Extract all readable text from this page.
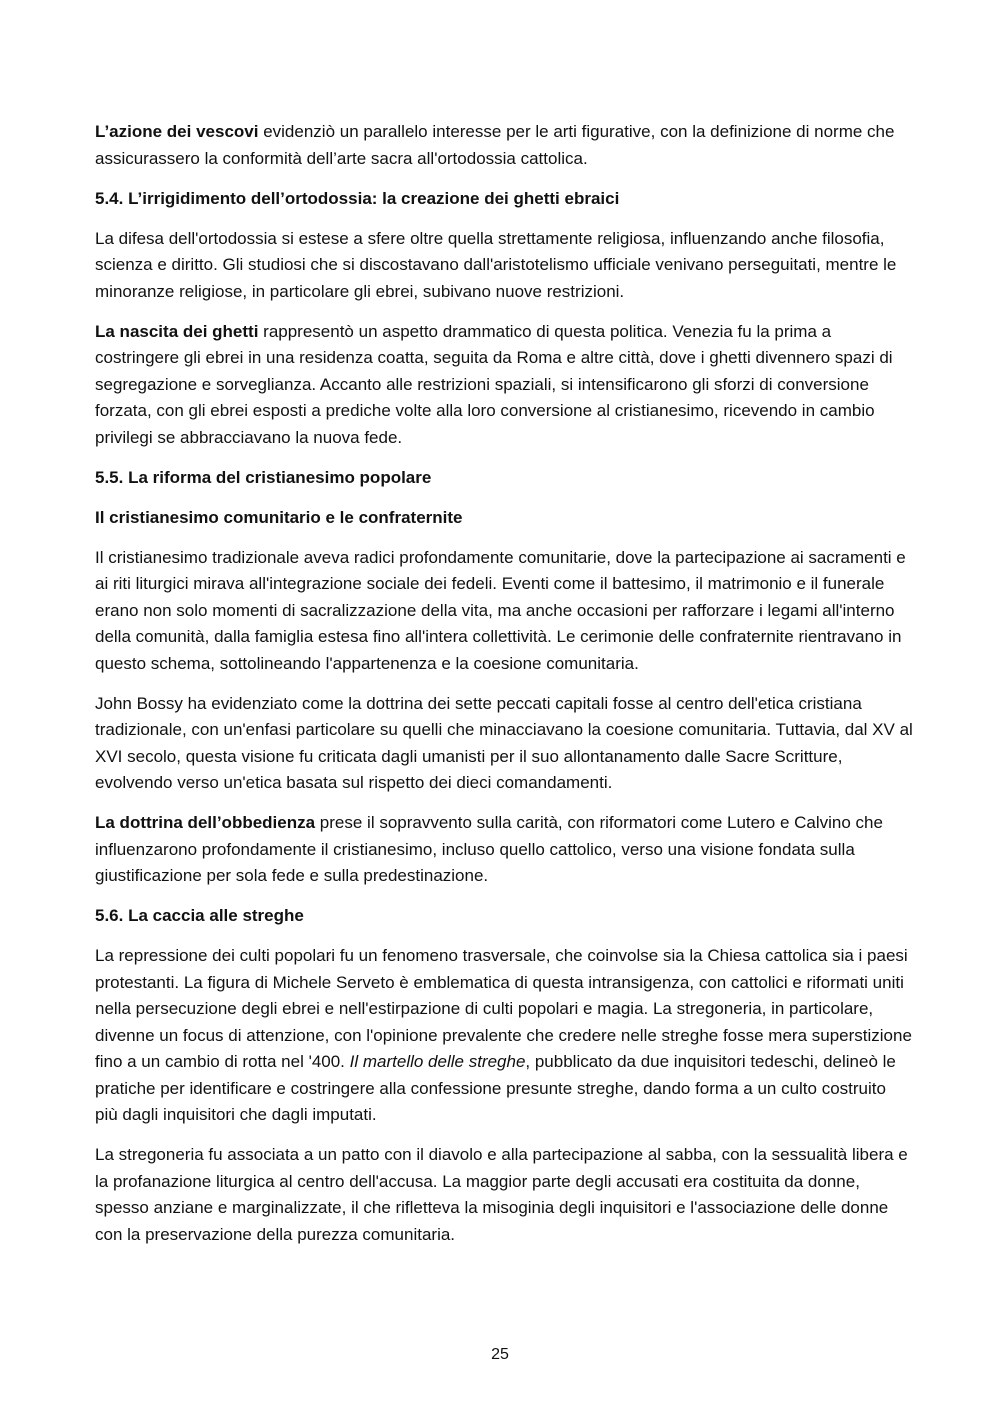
L’azione dei vescovi evidenziò un parallelo interesse per le arti figurative, con la definizione di norme che assicurassero la conformità dell’arte sacra all'ortodossia cattolica.

5.4. L’irrigidimento dell’ortodossia: la creazione dei ghetti ebraici

La difesa dell'ortodossia si estese a sfere oltre quella strettamente religiosa, influenzando anche filosofia, scienza e diritto. Gli studiosi che si discostavano dall'aristotelismo ufficiale venivano perseguitati, mentre le minoranze religiose, in particolare gli ebrei, subivano nuove restrizioni.

La nascita dei ghetti rappresentò un aspetto drammatico di questa politica. Venezia fu la prima a costringere gli ebrei in una residenza coatta, seguita da Roma e altre città, dove i ghetti divennero spazi di segregazione e sorveglianza. Accanto alle restrizioni spaziali, si intensificarono gli sforzi di conversione forzata, con gli ebrei esposti a prediche volte alla loro conversione al cristianesimo, ricevendo in cambio privilegi se abbracciavano la nuova fede.

5.5. La riforma del cristianesimo popolare
Il cristianesimo comunitario e le confraternite

Il cristianesimo tradizionale aveva radici profondamente comunitarie, dove la partecipazione ai sacramenti e ai riti liturgici mirava all'integrazione sociale dei fedeli. Eventi come il battesimo, il matrimonio e il funerale erano non solo momenti di sacralizzazione della vita, ma anche occasioni per rafforzare i legami all'interno della comunità, dalla famiglia estesa fino all'intera collettività. Le cerimonie delle confraternite rientravano in questo schema, sottolineando l'appartenenza e la coesione comunitaria.

John Bossy ha evidenziato come la dottrina dei sette peccati capitali fosse al centro dell'etica cristiana tradizionale, con un'enfasi particolare su quelli che minacciavano la coesione comunitaria. Tuttavia, dal XV al XVI secolo, questa visione fu criticata dagli umanisti per il suo allontanamento dalle Sacre Scritture, evolvendo verso un'etica basata sul rispetto dei dieci comandamenti.

La dottrina dell’obbedienza prese il sopravvento sulla carità, con riformatori come Lutero e Calvino che influenzarono profondamente il cristianesimo, incluso quello cattolico, verso una visione fondata sulla giustificazione per sola fede e sulla predestinazione.

5.6. La caccia alle streghe

La repressione dei culti popolari fu un fenomeno trasversale, che coinvolse sia la Chiesa cattolica sia i paesi protestanti. La figura di Michele Serveto è emblematica di questa intransigenza, con cattolici e riformati uniti nella persecuzione degli ebrei e nell'estirpazione di culti popolari e magia. La stregoneria, in particolare, divenne un focus di attenzione, con l'opinione prevalente che credere nelle streghe fosse mera superstizione fino a un cambio di rotta nel '400. Il martello delle streghe, pubblicato da due inquisitori tedeschi, delineò le pratiche per identificare e costringere alla confessione presunte streghe, dando forma a un culto costruito più dagli inquisitori che dagli imputati.

La stregoneria fu associata a un patto con il diavolo e alla partecipazione al sabba, con la sessualità libera e la profanazione liturgica al centro dell'accusa. La maggior parte degli accusati era costituita da donne, spesso anziane e marginalizzate, il che rifletteva la misoginia degli inquisitori e l'associazione delle donne con la preservazione della purezza comunitaria.

25
